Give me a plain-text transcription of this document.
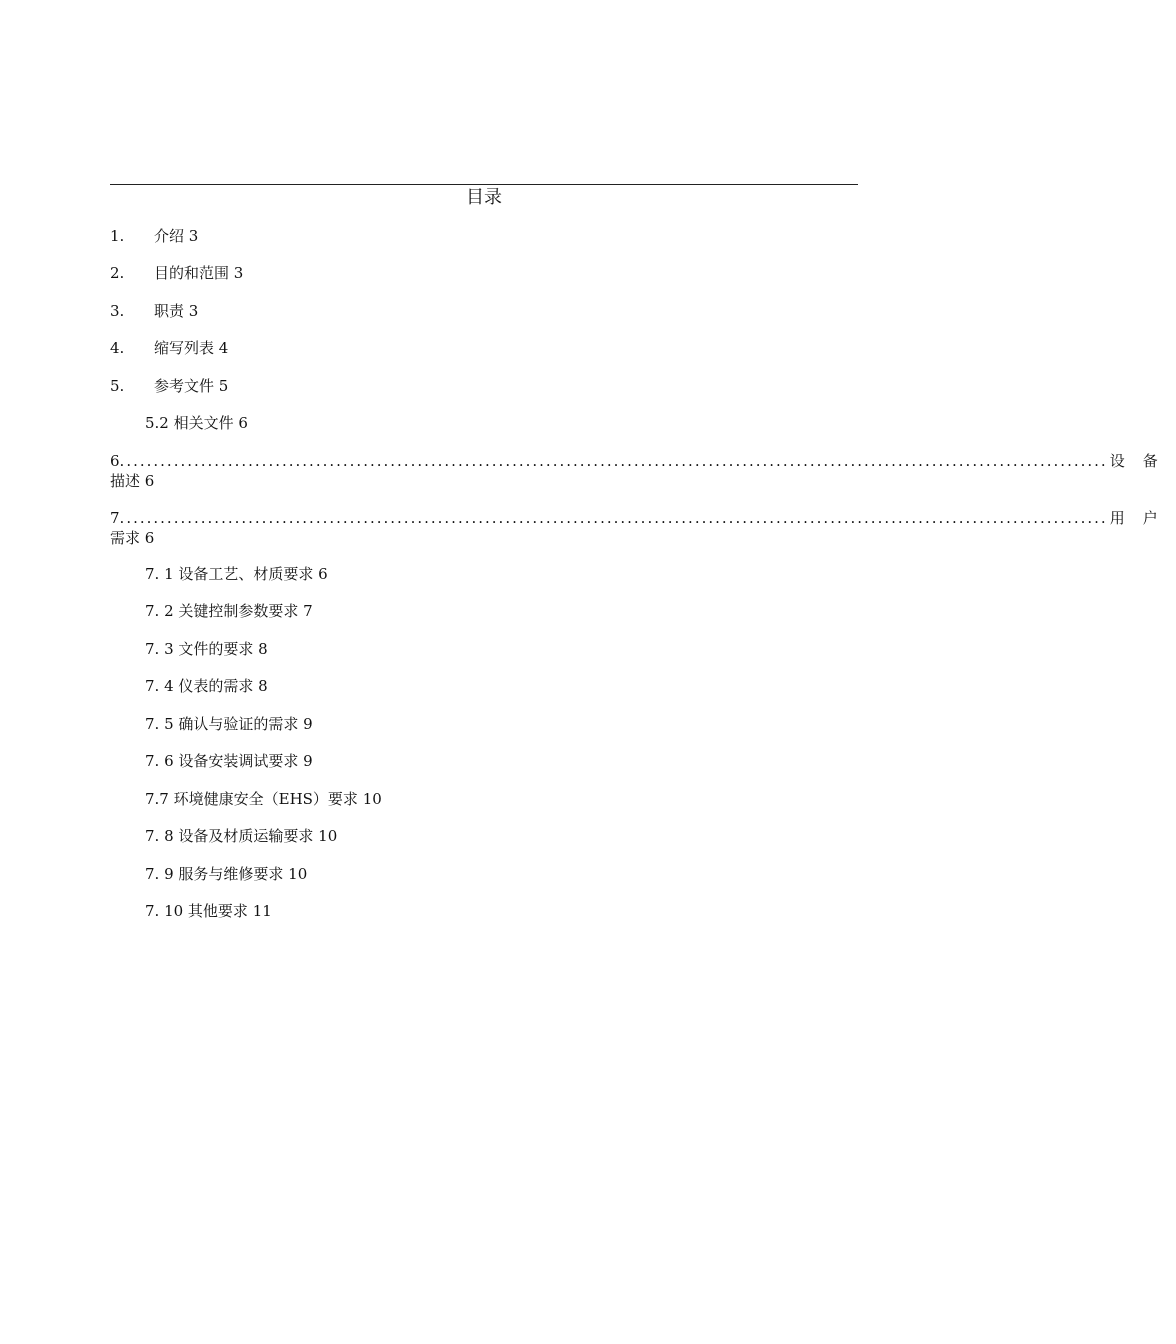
目录
1. 介绍 3
2. 目的和范围 3
3. 职责 3
4. 缩写列表 4
5. 参考文件 5
5.2 相关文件 6
6. ................................................................................................................................................. 设备
描述 6
7. ................................................................................................................................................. 用户
需求 6
7. 1 设备工艺、材质要求 6
7. 2 关键控制参数要求 7
7. 3 文件的要求 8
7. 4 仪表的需求 8
7. 5 确认与验证的需求 9
7. 6 设备安装调试要求 9
7.7 环境健康安全（EHS）要求 10
7. 8 设备及材质运输要求 10
7. 9 服务与维修要求 10
7. 10 其他要求 11
